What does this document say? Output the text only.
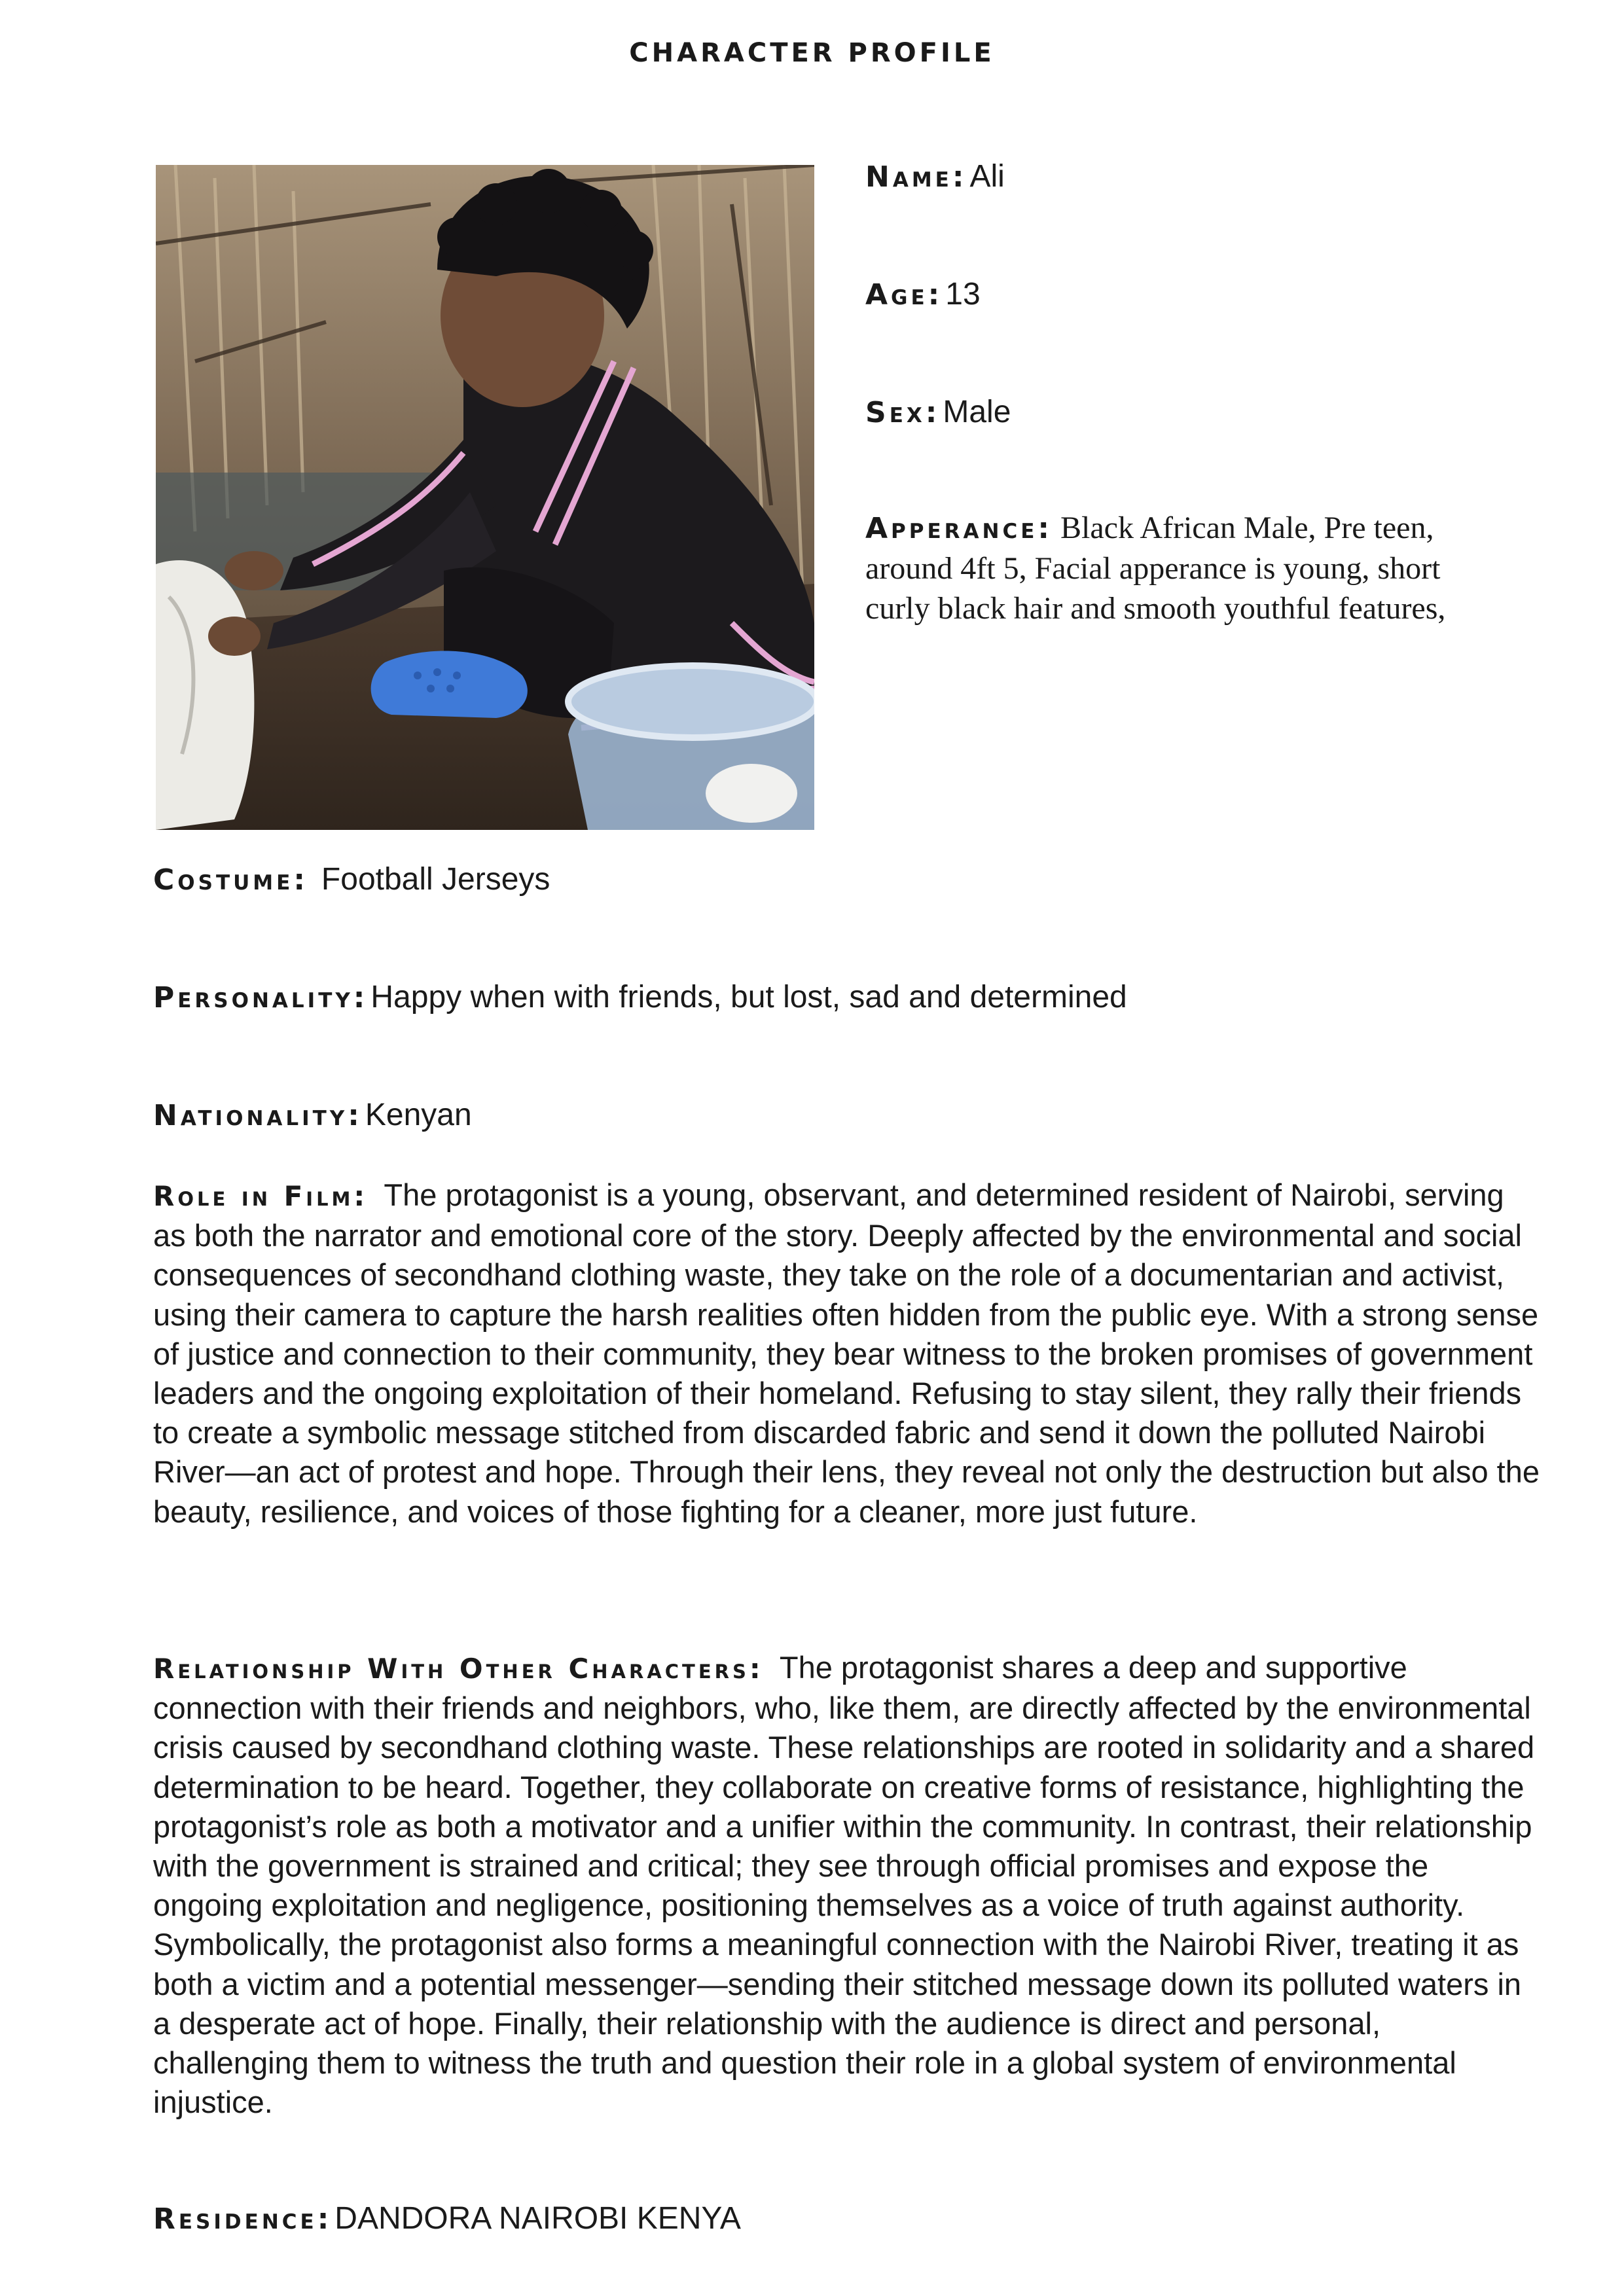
CHARACTER PROFILE
Name: Ali
Age: 13
Sex: Male
Apperance: Black African Male, Pre teen, around 4ft 5, Facial apperance is young, short curly black hair and smooth youthful features,
Costume: Football Jerseys
Personality: Happy when with friends, but lost, sad and determined
Nationality: Kenyan
Role in Film: The protagonist is a young, observant, and determined resident of Nairobi, serving as both the narrator and emotional core of the story. Deeply affected by the environmental and social consequences of secondhand clothing waste, they take on the role of a documentarian and activist, using their camera to capture the harsh realities often hidden from the public eye. With a strong sense of justice and connection to their community, they bear witness to the broken promises of government leaders and the ongoing exploitation of their homeland. Refusing to stay silent, they rally their friends to create a symbolic message stitched from discarded fabric and send it down the polluted Nairobi River—an act of protest and hope. Through their lens, they reveal not only the destruction but also the beauty, resilience, and voices of those fighting for a cleaner, more just future.
Relationship With Other Characters: The protagonist shares a deep and supportive connection with their friends and neighbors, who, like them, are directly affected by the environmental crisis caused by secondhand clothing waste. These relationships are rooted in solidarity and a shared determination to be heard. Together, they collaborate on creative forms of resistance, highlighting the protagonist’s role as both a motivator and a unifier within the community. In contrast, their relationship with the government is strained and critical; they see through official promises and expose the ongoing exploitation and negligence, positioning themselves as a voice of truth against authority. Symbolically, the protagonist also forms a meaningful connection with the Nairobi River, treating it as both a victim and a potential messenger—sending their stitched message down its polluted waters in a desperate act of hope. Finally, their relationship with the audience is direct and personal, challenging them to witness the truth and question their role in a global system of environmental injustice.
Residence: DANDORA NAIROBI KENYA
